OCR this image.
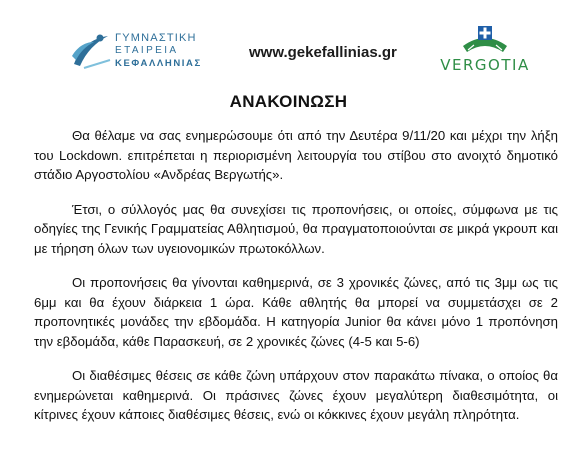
ΓΥΜΝΑΣΤΙΚΗ
ΕΤΑΙΡΕΙΑ
ΚΕΦΑΛΛΗΝΙΑΣ
www.gekefallinias.gr
VERGOTIA
ΑΝΑΚΟΙΝΩΣΗ

Θα θέλαμε να σας ενημερώσουμε ότι από την Δευτέρα 9/11/20 και μέχρι την λήξη του Lockdown. επιτρέπεται η περιορισμένη λειτουργία του στίβου στο ανοιχτό δημοτικό στάδιο Αργοστολίου «Ανδρέας Βεργωτής».

Έτσι, ο σύλλογός μας θα συνεχίσει τις προπονήσεις, οι οποίες, σύμφωνα με τις οδηγίες της Γενικής Γραμματείας Αθλητισμού, θα πραγματοποιούνται σε μικρά γκρουπ και με τήρηση όλων των υγειονομικών πρωτοκόλλων.

Οι προπονήσεις θα γίνονται καθημερινά, σε 3 χρονικές ζώνες, από τις 3μμ ως τις 6μμ και θα έχουν διάρκεια 1 ώρα. Κάθε αθλητής θα μπορεί να συμμετάσχει σε 2 προπονητικές μονάδες την εβδομάδα. Η κατηγορία Junior θα κάνει μόνο 1 προπόνηση την εβδομάδα, κάθε Παρασκευή, σε 2 χρονικές ζώνες (4-5 και 5-6)

Οι διαθέσιμες θέσεις σε κάθε ζώνη υπάρχουν στον παρακάτω πίνακα, ο οποίος θα ενημερώνεται καθημερινά. Οι πράσινες ζώνες έχουν μεγαλύτερη διαθεσιμότητα, οι κίτρινες έχουν κάποιες διαθέσιμες θέσεις, ενώ οι κόκκινες έχουν μεγάλη πληρότητα.
